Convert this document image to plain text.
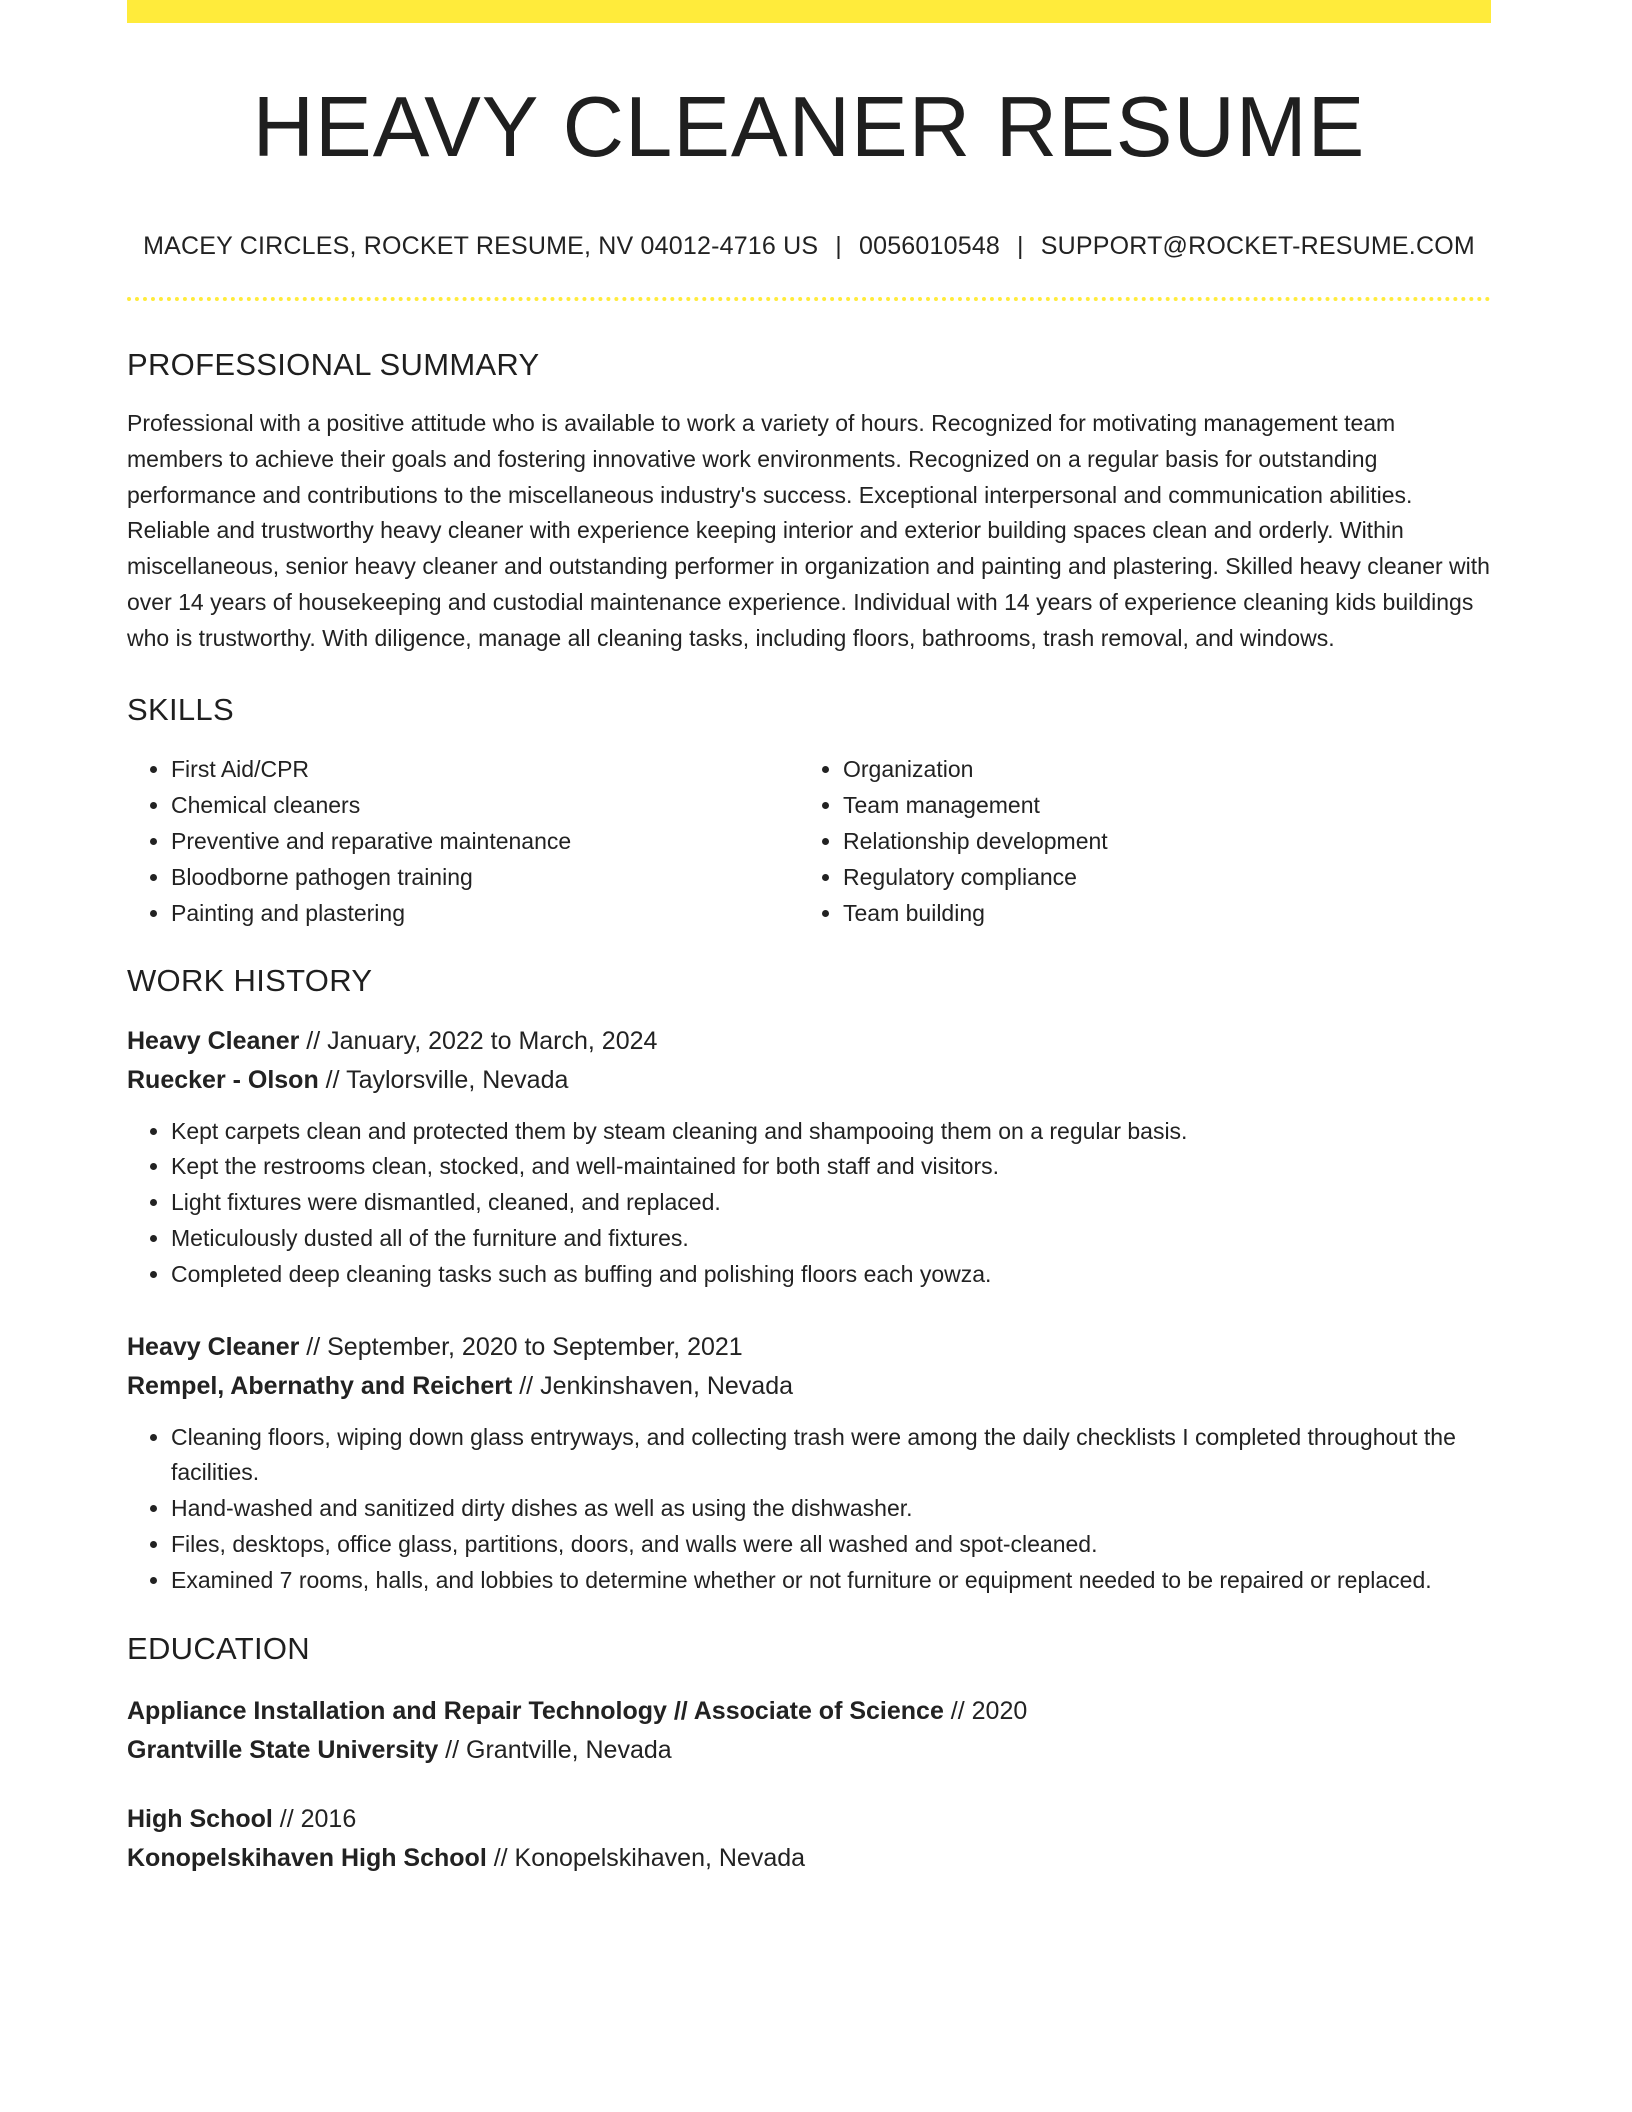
HEAVY CLEANER RESUME
MACEY CIRCLES, ROCKET RESUME, NV 04012-4716 US | 0056010548 | SUPPORT@ROCKET-RESUME.COM
PROFESSIONAL SUMMARY

Professional with a positive attitude who is available to work a variety of hours. Recognized for motivating management team members to achieve their goals and fostering innovative work environments. Recognized on a regular basis for outstanding performance and contributions to the miscellaneous industry's success. Exceptional interpersonal and communication abilities. Reliable and trustworthy heavy cleaner with experience keeping interior and exterior building spaces clean and orderly. Within miscellaneous, senior heavy cleaner and outstanding performer in organization and painting and plastering. Skilled heavy cleaner with over 14 years of housekeeping and custodial maintenance experience. Individual with 14 years of experience cleaning kids buildings who is trustworthy. With diligence, manage all cleaning tasks, including floors, bathrooms, trash removal, and windows.

SKILLS
• First Aid/CPR
• Chemical cleaners
• Preventive and reparative maintenance
• Bloodborne pathogen training
• Painting and plastering
• Organization
• Team management
• Relationship development
• Regulatory compliance
• Team building
WORK HISTORY
Heavy Cleaner // January, 2022 to March, 2024
Ruecker - Olson // Taylorsville, Nevada
• Kept carpets clean and protected them by steam cleaning and shampooing them on a regular basis.
• Kept the restrooms clean, stocked, and well-maintained for both staff and visitors.
• Light fixtures were dismantled, cleaned, and replaced.
• Meticulously dusted all of the furniture and fixtures.
• Completed deep cleaning tasks such as buffing and polishing floors each yowza.
Heavy Cleaner // September, 2020 to September, 2021
Rempel, Abernathy and Reichert // Jenkinshaven, Nevada
• Cleaning floors, wiping down glass entryways, and collecting trash were among the daily checklists I completed throughout the facilities.
• Hand-washed and sanitized dirty dishes as well as using the dishwasher.
• Files, desktops, office glass, partitions, doors, and walls were all washed and spot-cleaned.
• Examined 7 rooms, halls, and lobbies to determine whether or not furniture or equipment needed to be repaired or replaced.
EDUCATION
Appliance Installation and Repair Technology // Associate of Science // 2020
Grantville State University // Grantville, Nevada
High School // 2016
Konopelskihaven High School // Konopelskihaven, Nevada
